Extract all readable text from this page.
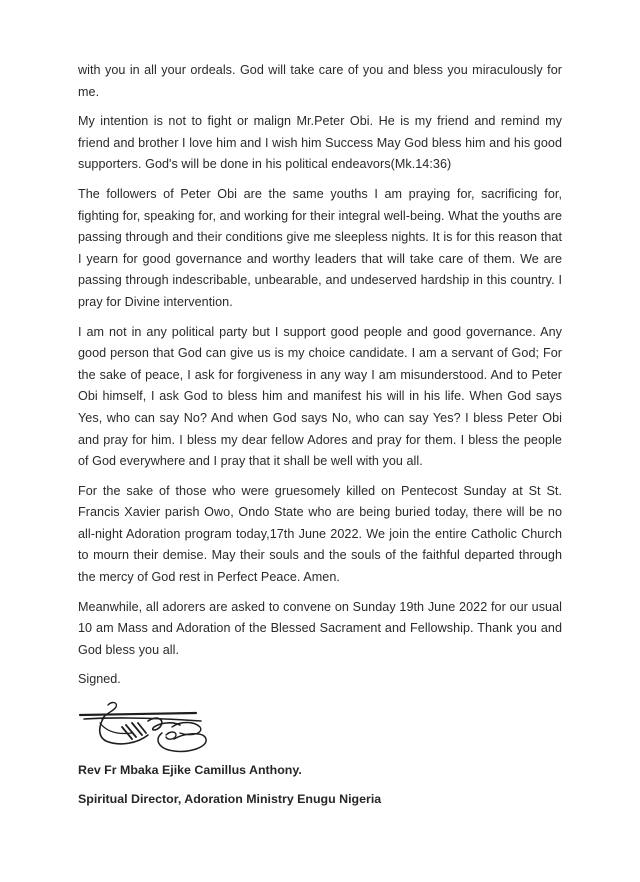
with you in all your ordeals. God will take care of you and bless you miraculously for me.

My intention is not to fight or malign Mr.Peter Obi. He is my friend and remind my friend and brother I love him and I wish him Success May God bless him and his good supporters. God's will be done in his political endeavors(Mk.14:36)

The followers of Peter Obi are the same youths I am praying for, sacrificing for, fighting for, speaking for, and working for their integral well-being. What the youths are passing through and their conditions give me sleepless nights. It is for this reason that I yearn for good governance and worthy leaders that will take care of them. We are passing through indescribable, unbearable, and undeserved hardship in this country. I pray for Divine intervention.

I am not in any political party but I support good people and good governance. Any good person that God can give us is my choice candidate. I am a servant of God; For the sake of peace, I ask for forgiveness in any way I am misunderstood. And to Peter Obi himself, I ask God to bless him and manifest his will in his life. When God says Yes, who can say No? And when God says No, who can say Yes? I bless Peter Obi and pray for him. I bless my dear fellow Adores and pray for them. I bless the people of God everywhere and I pray that it shall be well with you all.

For the sake of those who were gruesomely killed on Pentecost Sunday at St St. Francis Xavier parish Owo, Ondo State who are being buried today, there will be no all-night Adoration program today,17th June 2022. We join the entire Catholic Church to mourn their demise. May their souls and the souls of the faithful departed through the mercy of God rest in Perfect Peace. Amen.

Meanwhile, all adorers are asked to convene on Sunday 19th June 2022 for our usual 10 am Mass and Adoration of the Blessed Sacrament and Fellowship. Thank you and God bless you all.

Signed.

Rev Fr Mbaka Ejike Camillus Anthony.

Spiritual Director, Adoration Ministry Enugu Nigeria
